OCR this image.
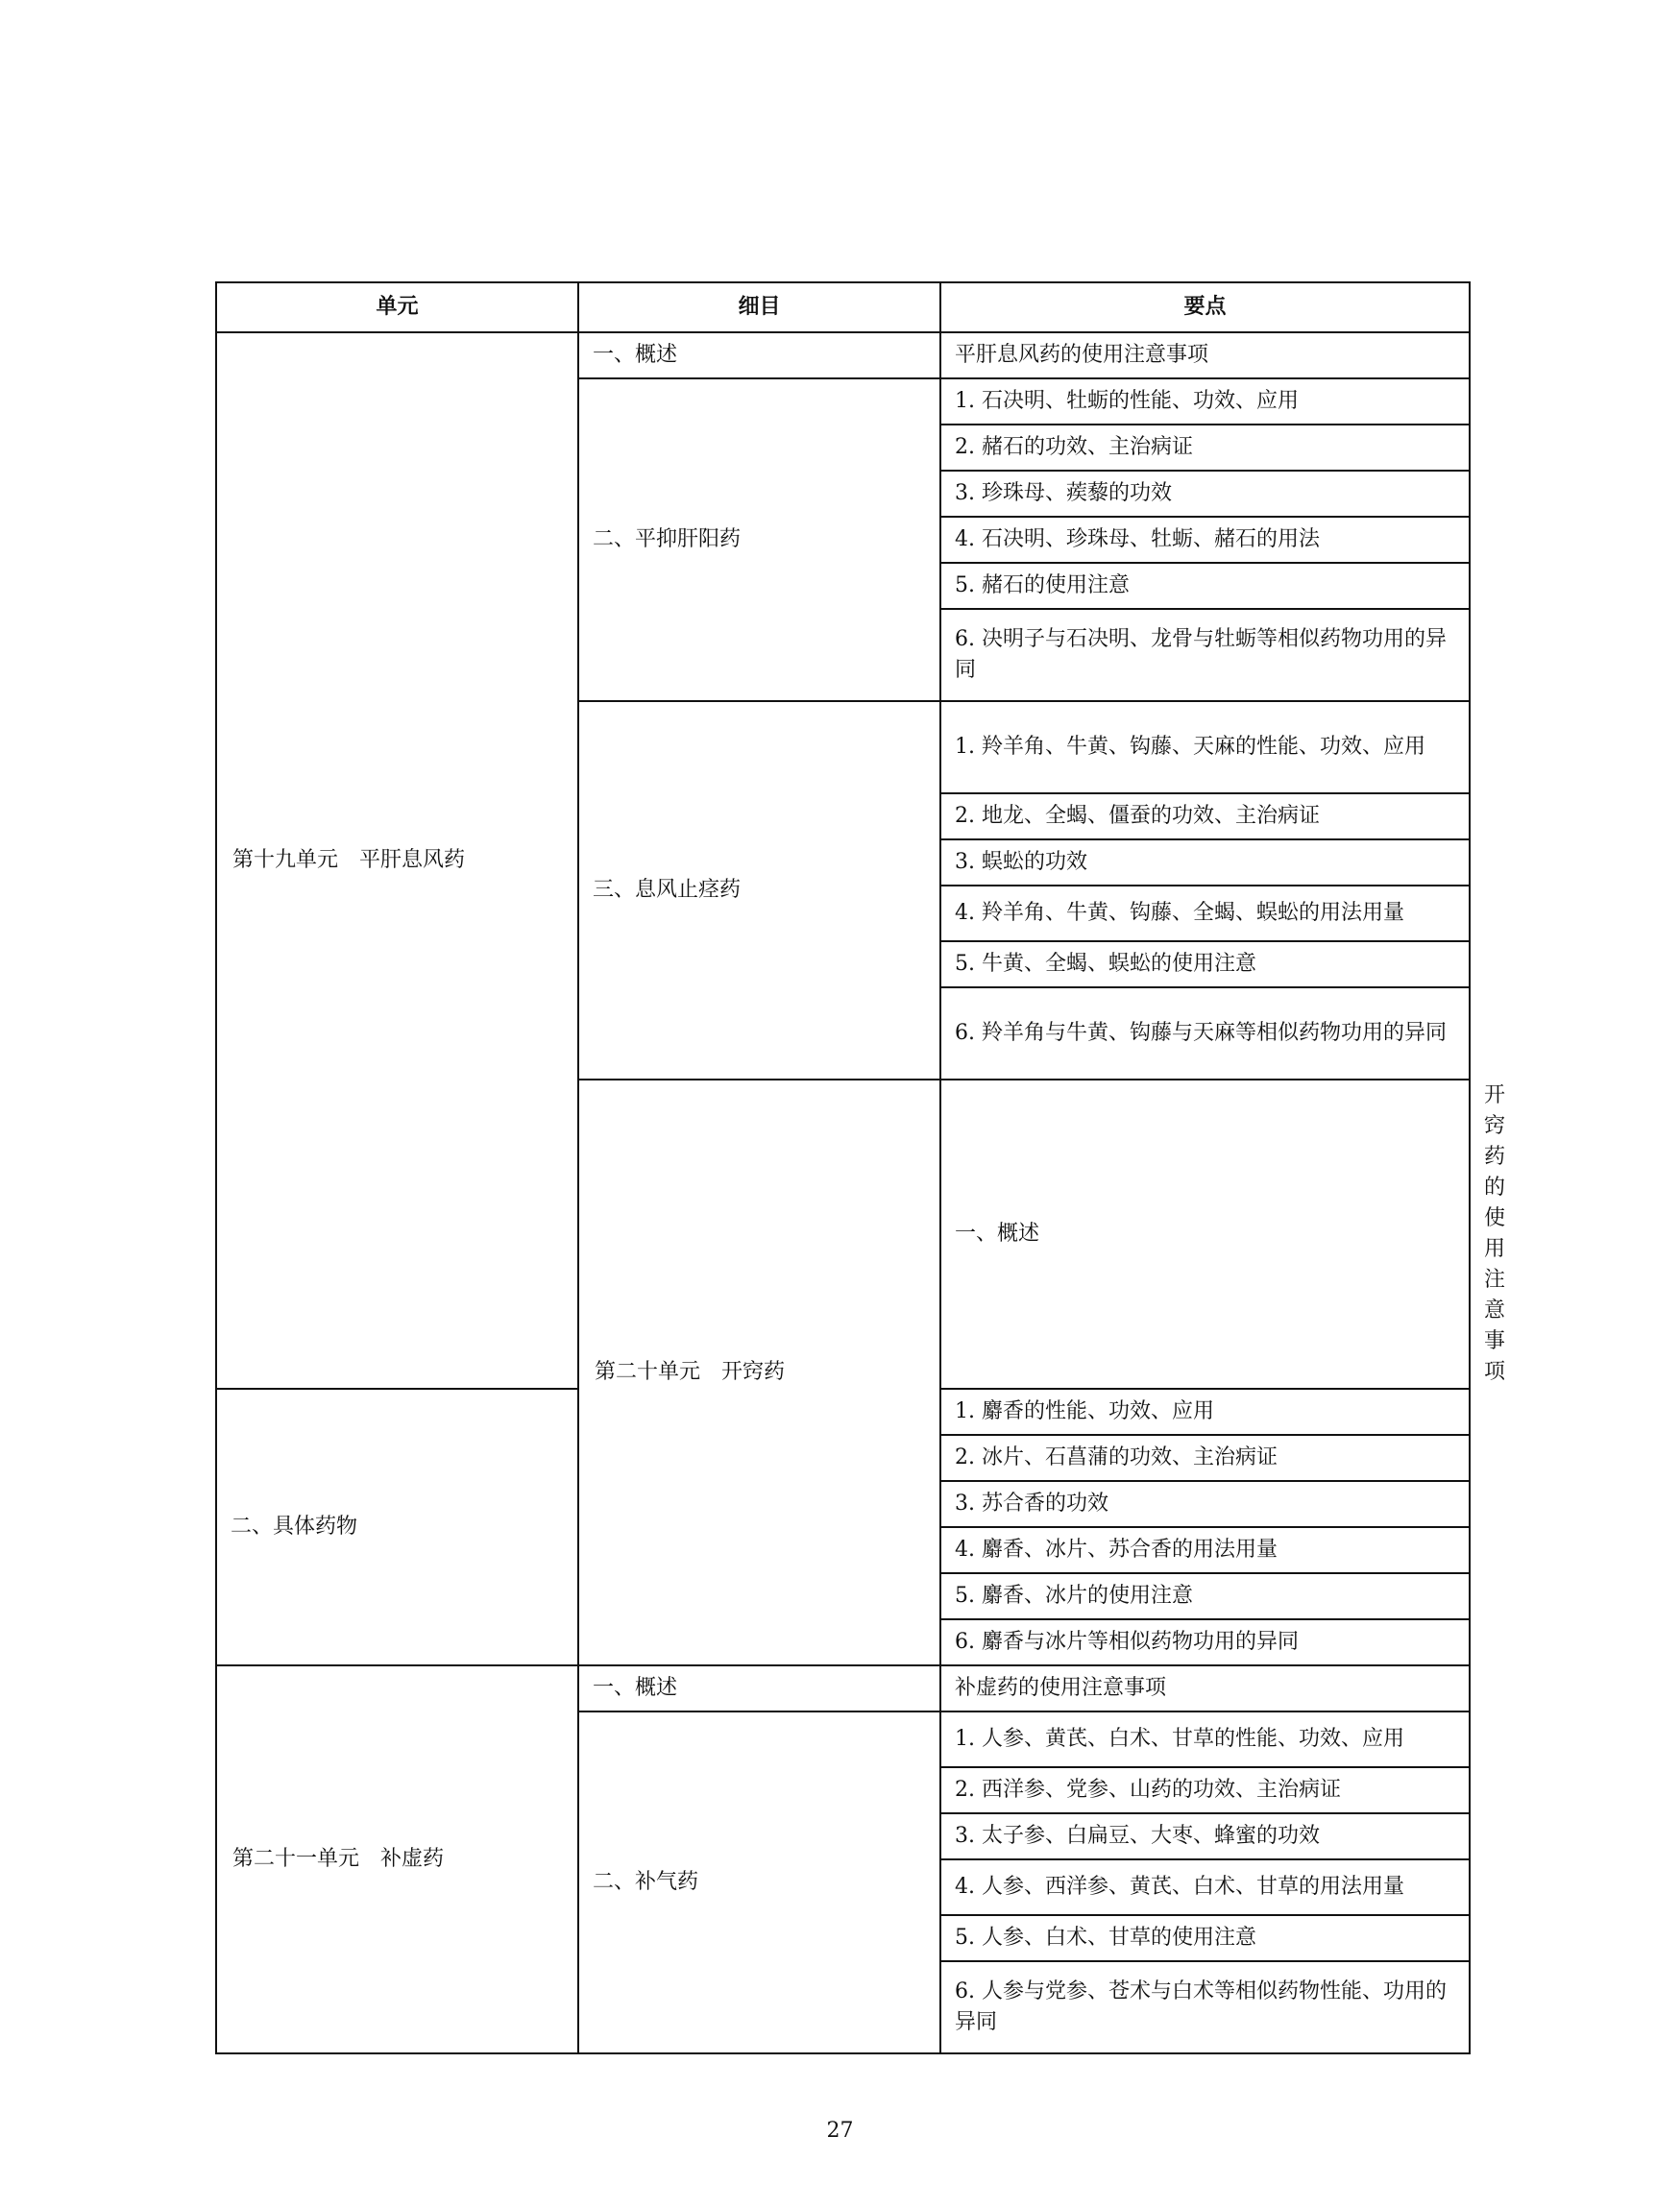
单元	细目	要点	
第十九单元　平肝息风药	一、概述	平肝息风药的使用注意事项	
	二、平抑肝阳药	1. 石决明、牡蛎的性能、功效、应用	
		2. 赭石的功效、主治病证	
		3. 珍珠母、蒺藜的功效	
		4. 石决明、珍珠母、牡蛎、赭石的用法	
		5. 赭石的使用注意	
		6. 决明子与石决明、龙骨与牡蛎等相似药物功用的异同	
	三、息风止痉药	1. 羚羊角、牛黄、钩藤、天麻的性能、功效、应用	
		2. 地龙、全蝎、僵蚕的功效、主治病证	
		3. 蜈蚣的功效	
		4. 羚羊角、牛黄、钩藤、全蝎、蜈蚣的用法用量	
		5. 牛黄、全蝎、蜈蚣的使用注意	
		6. 羚羊角与牛黄、钩藤与天麻等相似药物功用的异同	
	第二十单元　开窍药	一、概述	开窍药的使用注意事项
二、具体药物		1. 麝香的性能、功效、应用	
		2. 冰片、石菖蒲的功效、主治病证	
		3. 苏合香的功效	
		4. 麝香、冰片、苏合香的用法用量	
		5. 麝香、冰片的使用注意	
		6. 麝香与冰片等相似药物功用的异同	
第二十一单元　补虚药	一、概述	补虚药的使用注意事项	
	二、补气药	1. 人参、黄芪、白术、甘草的性能、功效、应用	
		2. 西洋参、党参、山药的功效、主治病证	
		3. 太子参、白扁豆、大枣、蜂蜜的功效	
		4. 人参、西洋参、黄芪、白术、甘草的用法用量	
		5. 人参、白术、甘草的使用注意	
		6. 人参与党参、苍术与白术等相似药物性能、功用的异同	
27
